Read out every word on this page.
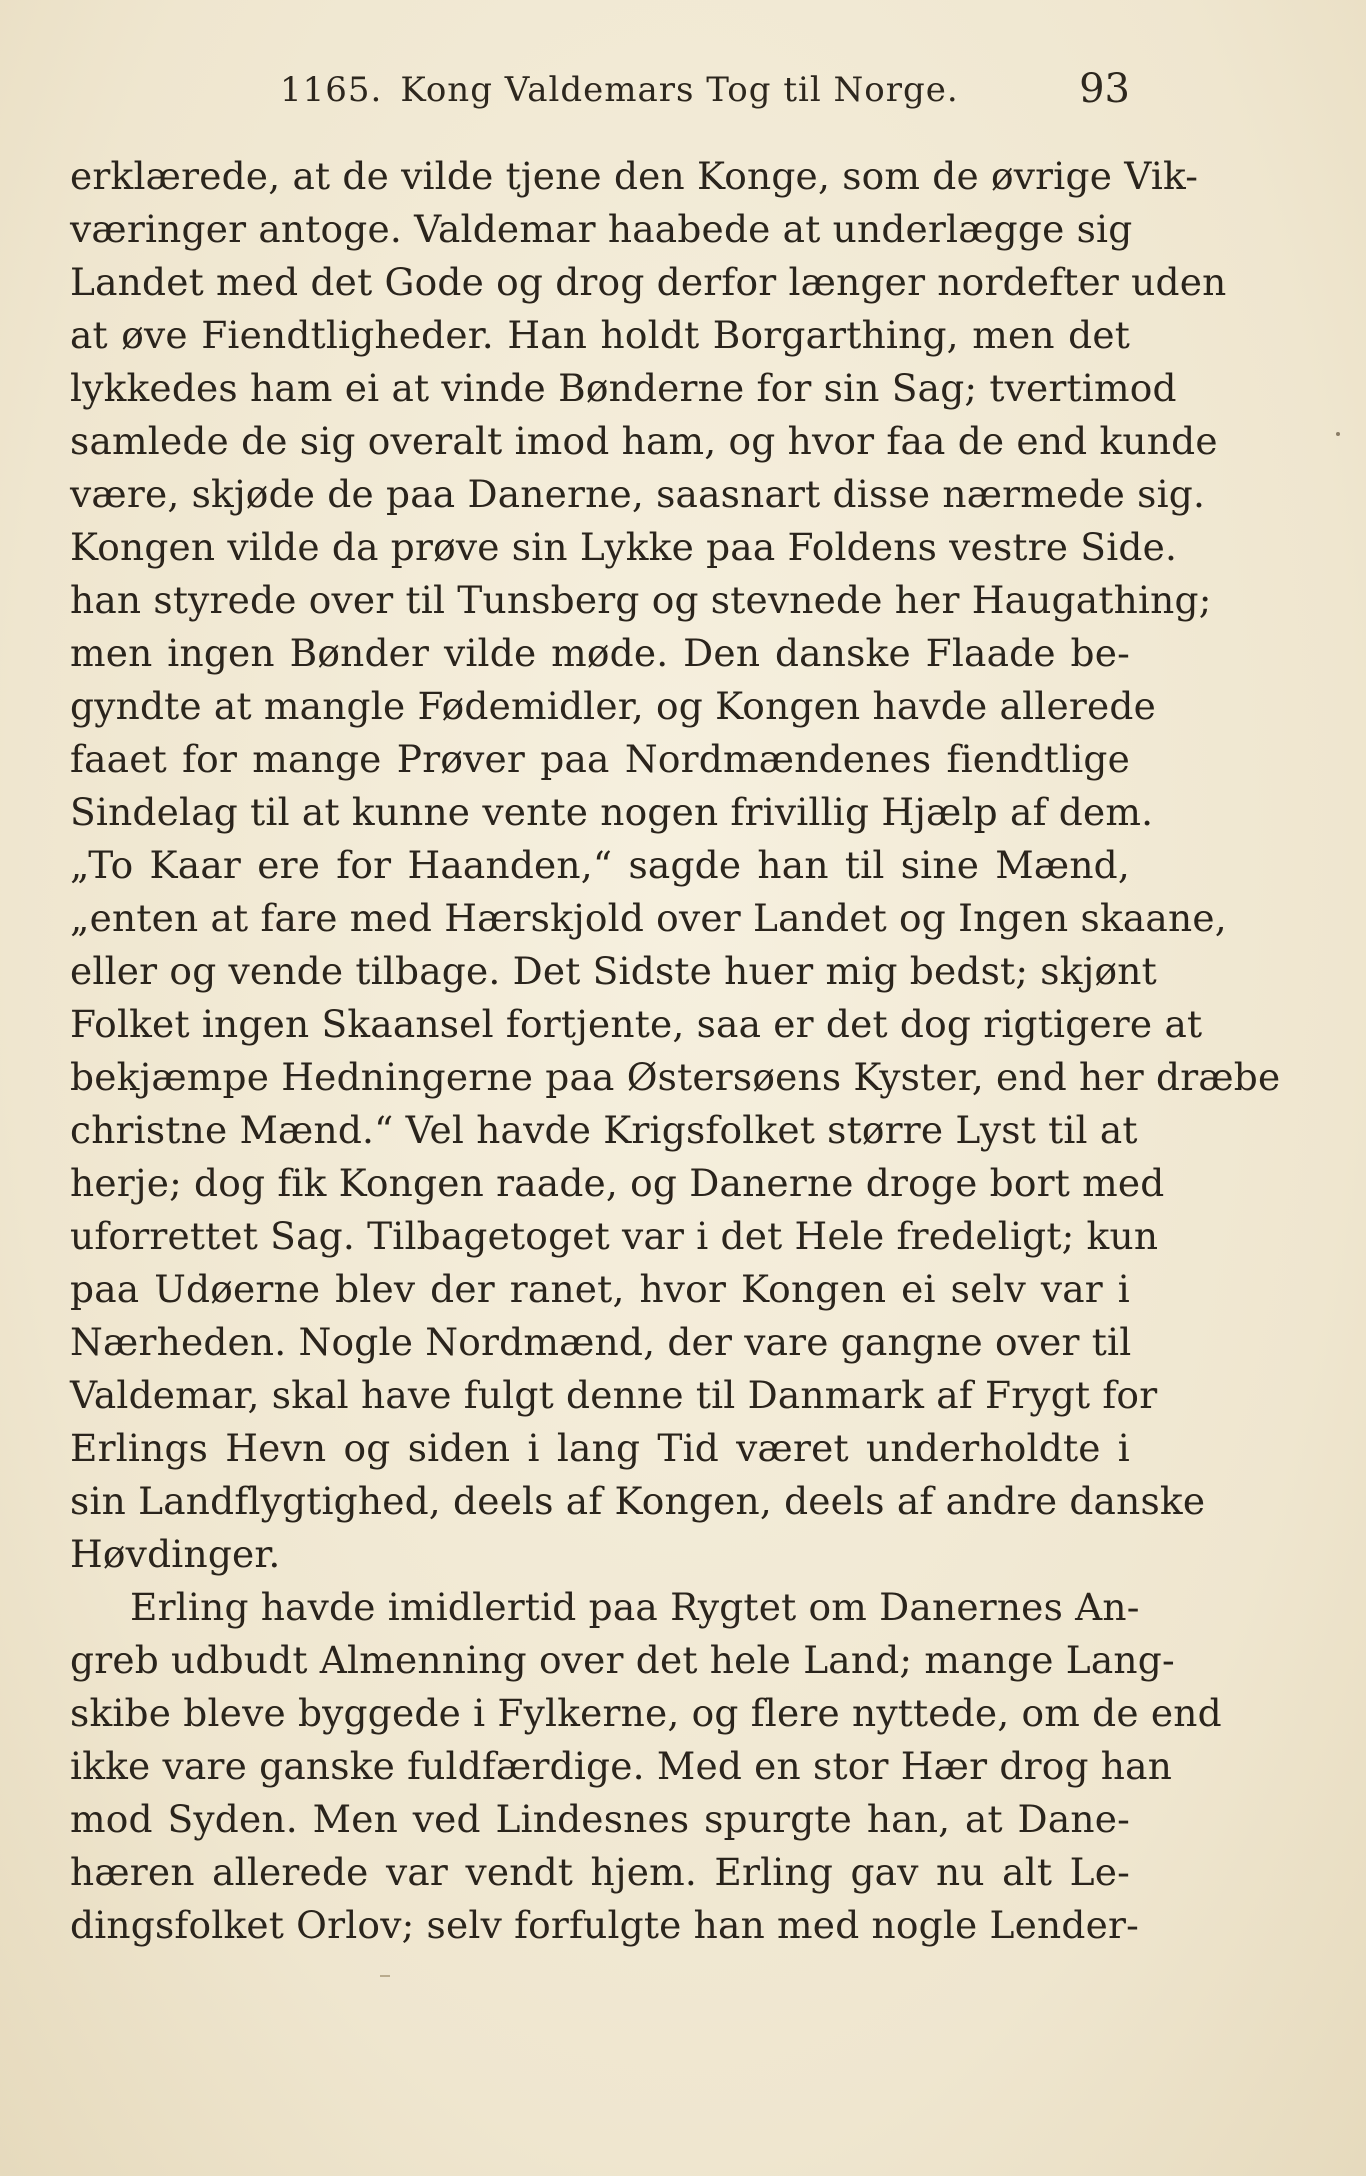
1165. Kong Valdemars Tog til Norge.	93
erklærede, at de vilde tjene den Konge, som de øvrige Vik-
væringer antoge. Valdemar haabede at underlægge sig
Landet med det Gode og drog derfor længer nordefter uden
at øve Fiendtligheder. Han holdt Borgarthing, men det
lykkedes ham ei at vinde Bønderne for sin Sag; tvertimod
samlede de sig overalt imod ham, og hvor faa de end kunde
være, skjøde de paa Danerne, saasnart disse nærmede sig.
Kongen vilde da prøve sin Lykke paa Foldens vestre Side.
han styrede over til Tunsberg og stevnede her Haugathing;
men ingen Bønder vilde møde. Den danske Flaade be-
gyndte at mangle Fødemidler, og Kongen havde allerede
faaet for mange Prøver paa Nordmændenes fiendtlige
Sindelag til at kunne vente nogen frivillig Hjælp af dem.
„To Kaar ere for Haanden,“ sagde han til sine Mænd,
„enten at fare med Hærskjold over Landet og Ingen skaane,
eller og vende tilbage. Det Sidste huer mig bedst; skjønt
Folket ingen Skaansel fortjente, saa er det dog rigtigere at
bekjæmpe Hedningerne paa Østersøens Kyster, end her dræbe
christne Mænd.“ Vel havde Krigsfolket større Lyst til at
herje; dog fik Kongen raade, og Danerne droge bort med
uforrettet Sag. Tilbagetoget var i det Hele fredeligt; kun
paa Udøerne blev der ranet, hvor Kongen ei selv var i
Nærheden. Nogle Nordmænd, der vare gangne over til
Valdemar, skal have fulgt denne til Danmark af Frygt for
Erlings Hevn og siden i lang Tid været underholdte i
sin Landflygtighed, deels af Kongen, deels af andre danske
Høvdinger.
Erling havde imidlertid paa Rygtet om Danernes An-
greb udbudt Almenning over det hele Land; mange Lang-
skibe bleve byggede i Fylkerne, og flere nyttede, om de end
ikke vare ganske fuldfærdige. Med en stor Hær drog han
mod Syden. Men ved Lindesnes spurgte han, at Dane-
hæren allerede var vendt hjem. Erling gav nu alt Le-
dingsfolket Orlov; selv forfulgte han med nogle Lender-
